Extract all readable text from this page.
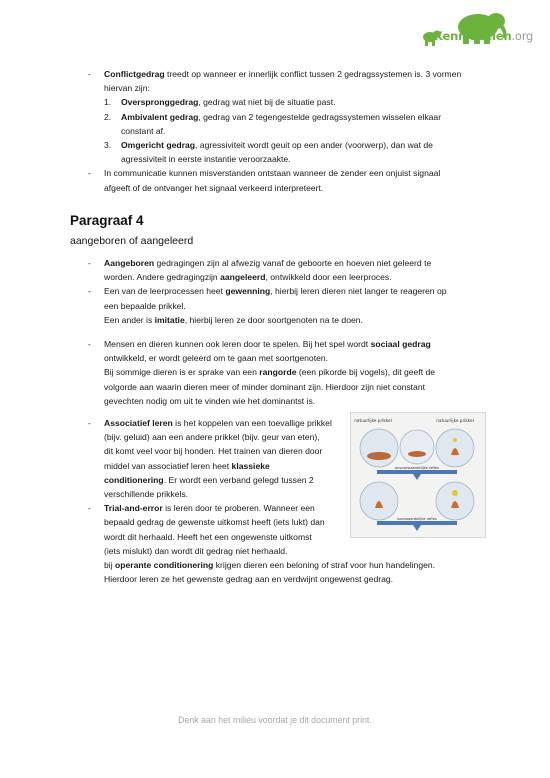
Kennisdelen.org
-	Conflictgedrag treedt op wanneer er innerlijk conflict tussen 2 gedragssystemen is. 3 vormen
hiervan zijn:
1.	Overspronggedrag, gedrag wat niet bij de situatie past.
2.	Ambivalent gedrag, gedrag van 2 tegengestelde gedragssystemen wisselen elkaar
constant af.
3.	Omgericht gedrag, agressiviteit wordt geuit op een ander (voorwerp), dan wat de
agressiviteit in eerste instantie veroorzaakte.
-	In communicatie kunnen misverstanden ontstaan wanneer de zender een onjuist signaal
afgeeft of de ontvanger het signaal verkeerd interpreteert.
Paragraaf 4
aangeboren of aangeleerd
-	Aangeboren gedragingen zijn al afwezig vanaf de geboorte en hoeven niet geleerd te
worden. Andere gedragingzijn aangeleerd, ontwikkeld door een leerproces.
-	Een van de leerprocessen heet gewenning, hierbij leren dieren niet langer te reageren op
een bepaalde prikkel.
Een ander is imitatie, hierbij leren ze door soortgenoten na te doen.
-	Mensen en dieren kunnen ook leren door te spelen. Bij het spel wordt sociaal gedrag
ontwikkeld, er wordt geleerd om te gaan met soortgenoten.
Bij sommige dieren is er sprake van een rangorde (een pikorde bij vogels), dit geeft de
volgorde aan waarin dieren meer of minder dominant zijn. Hierdoor zijn niet constant
gevechten nodig om uit te vinden wie het dominantst is.
-	Associatief leren is het koppelen van een toevallige prikkel
(bijv. geluid) aan een andere prikkel (bijv. geur van eten),
dit komt veel voor bij honden. Het trainen van dieren door
middel van associatief leren heet klassieke
conditionering. Er wordt een verband gelegd tussen 2
verschillende prikkels.
-	Trial-and-error is leren door te proberen. Wanneer een
bepaald gedrag de gewenste uitkomst heeft (iets lukt) dan
wordt dit herhaald. Heeft het een ongewenste uitkomst
(iets mislukt) dan wordt dit gedrag niet herhaald.
bij operante conditionering krijgen dieren een beloning of straf voor hun handelingen.
Hierdoor leren ze het gewenste gedrag aan en verdwijnt ongewenst gedrag.
natuurlijke prikkel	natuurlijke prikkel
onvoorwaardelijke reflex
voorwaardelijke reflex
Denk aan het milieu voordat je dit document print.
